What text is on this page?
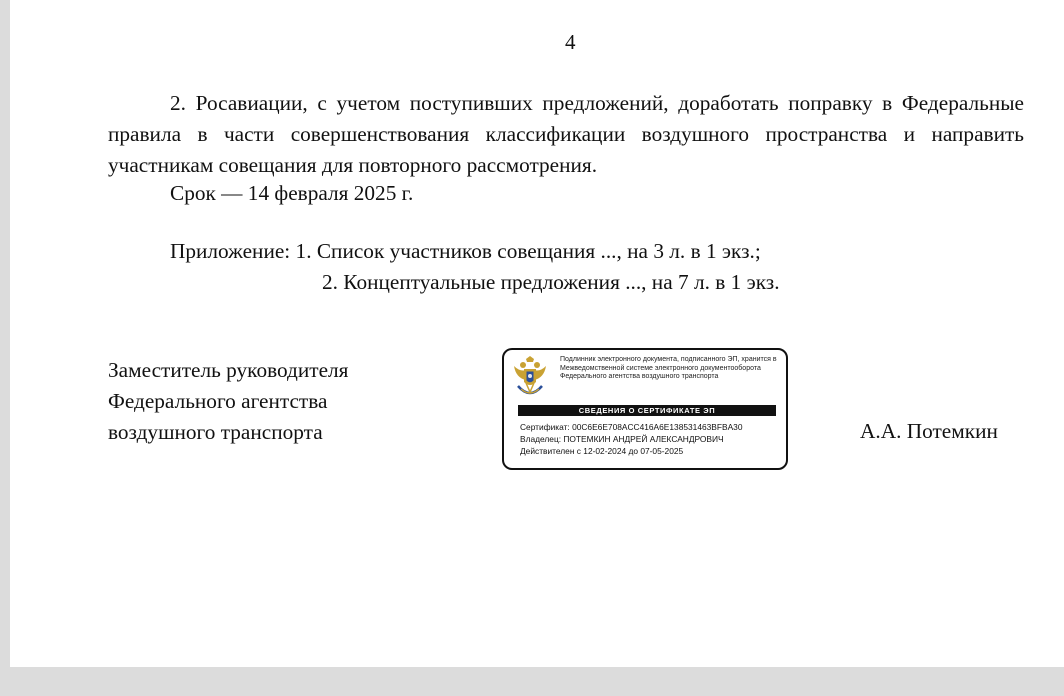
4
2. Росавиации, с учетом поступивших предложений, доработать поправку в Федеральные правила в части совершенствования классификации воздушного пространства и направить участникам совещания для повторного рассмотрения.
Срок — 14 февраля 2025 г.
Приложение: 1. Список участников совещания ..., на 3 л. в 1 экз.;
2. Концептуальные предложения ..., на 7 л. в 1 экз.
Заместитель руководителя
Федерального агентства
воздушного транспорта
Подлинник электронного документа, подписанного ЭП, хранится в Межведомственной системе электронного документооборота Федерального агентства воздушного транспорта
СВЕДЕНИЯ О СЕРТИФИКАТЕ ЭП
Сертификат: 00C6E6E708ACC416A6E138531463BFBA30
Владелец: ПОТЕМКИН АНДРЕЙ АЛЕКСАНДРОВИЧ
Действителен с 12-02-2024 до 07-05-2025
А.А. Потемкин
